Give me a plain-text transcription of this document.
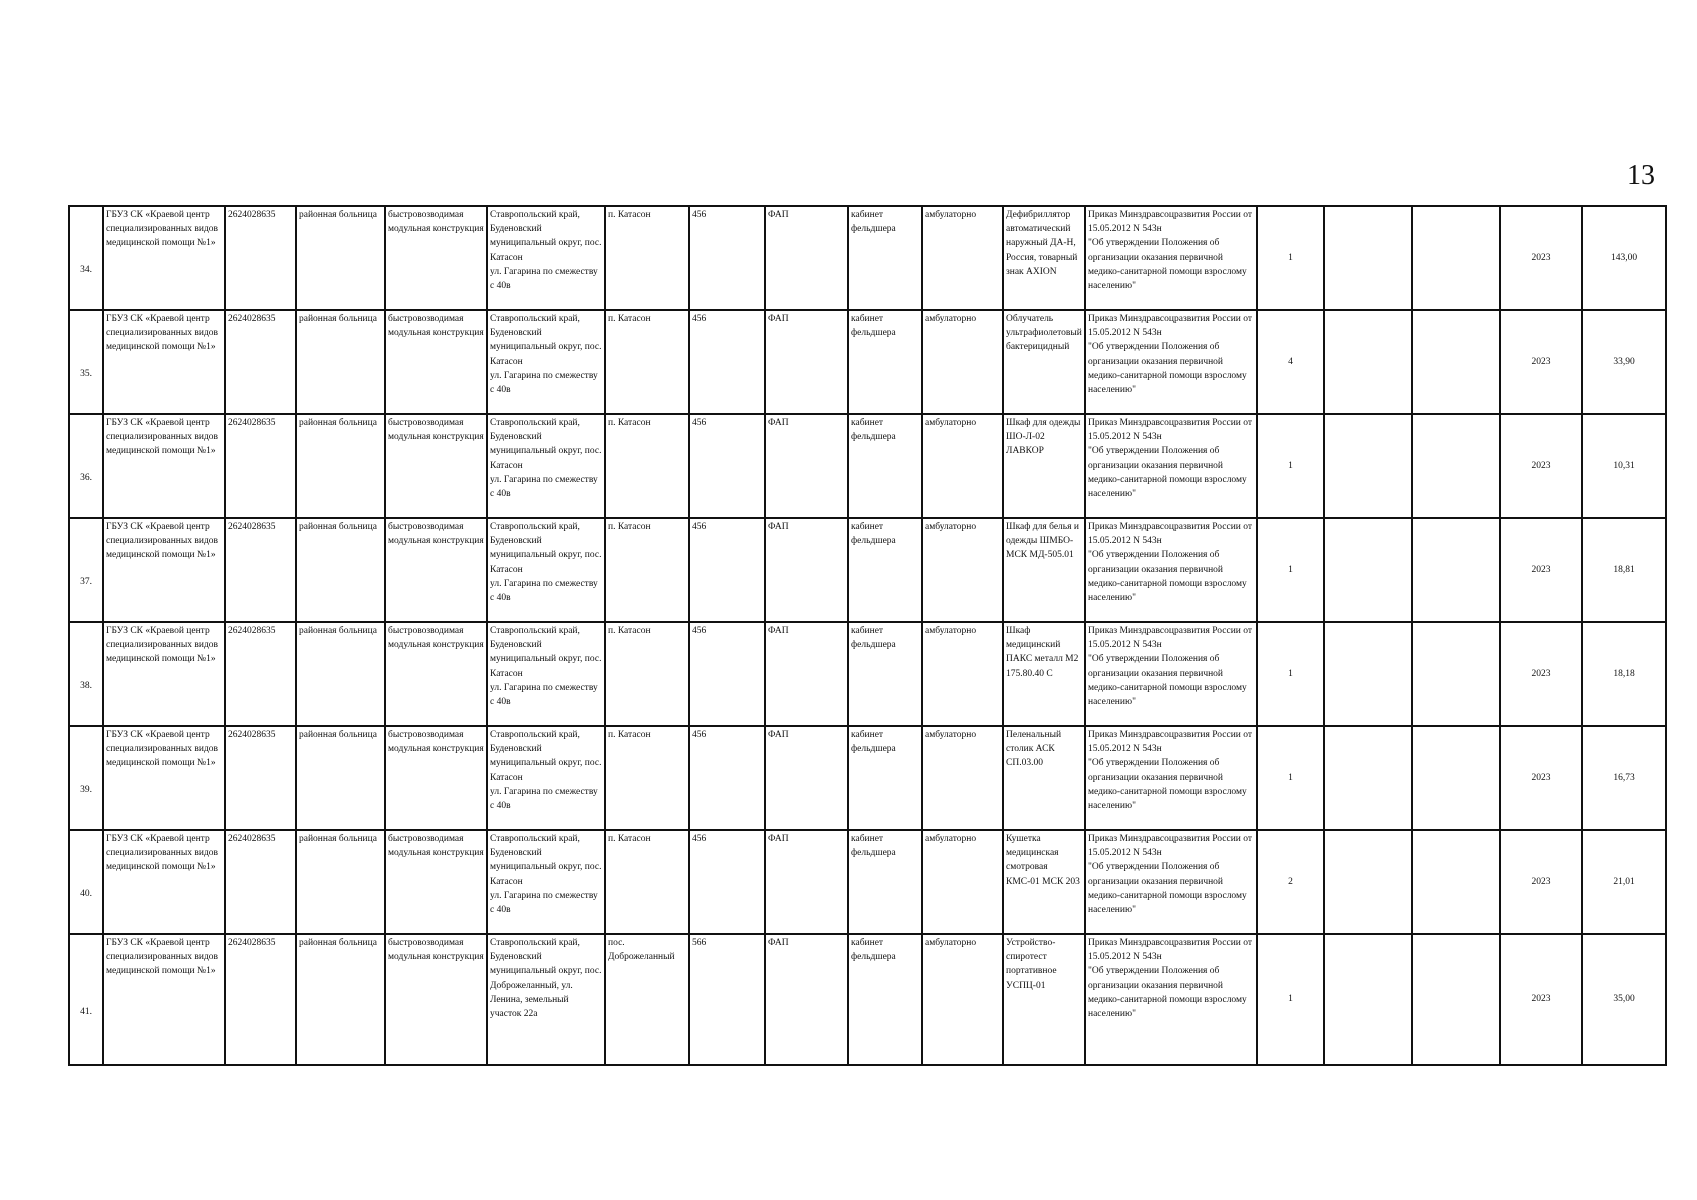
13
34.	ГБУЗ СК «Краевой центр специализированных видов медицинской помощи №1»	2624028635	районная больница	быстровозводимая модульная конструкция	Ставропольский край, Буденовский муниципальный округ, пос. Катасон
ул. Гагарина по смежеству с 40в	п. Катасон	456	ФАП	кабинет фельдшера	амбулаторно	Дефибриллятор автоматический наружный ДА-Н, Россия, товарный знак AXION	Приказ Минздравсоцразвития России от 15.05.2012 N 543н
"Об утверждении Положения об организации оказания первичной медико-санитарной помощи взрослому населению"	1			2023	143,00
35.	ГБУЗ СК «Краевой центр специализированных видов медицинской помощи №1»	2624028635	районная больница	быстровозводимая модульная конструкция	Ставропольский край, Буденовский муниципальный округ, пос. Катасон
ул. Гагарина по смежеству с 40в	п. Катасон	456	ФАП	кабинет фельдшера	амбулаторно	Облучатель ультрафиолетовый бактерицидный	Приказ Минздравсоцразвития России от 15.05.2012 N 543н
"Об утверждении Положения об организации оказания первичной медико-санитарной помощи взрослому населению"	4			2023	33,90
36.	ГБУЗ СК «Краевой центр специализированных видов медицинской помощи №1»	2624028635	районная больница	быстровозводимая модульная конструкция	Ставропольский край, Буденовский муниципальный округ, пос. Катасон
ул. Гагарина по смежеству с 40в	п. Катасон	456	ФАП	кабинет фельдшера	амбулаторно	Шкаф для одежды ШО-Л-02 ЛАВКОР	Приказ Минздравсоцразвития России от 15.05.2012 N 543н
"Об утверждении Положения об организации оказания первичной медико-санитарной помощи взрослому населению"	1			2023	10,31
37.	ГБУЗ СК «Краевой центр специализированных видов медицинской помощи №1»	2624028635	районная больница	быстровозводимая модульная конструкция	Ставропольский край, Буденовский муниципальный округ, пос. Катасон
ул. Гагарина по смежеству с 40в	п. Катасон	456	ФАП	кабинет фельдшера	амбулаторно	Шкаф для белья и одежды ШМБО-МСК МД-505.01	Приказ Минздравсоцразвития России от 15.05.2012 N 543н
"Об утверждении Положения об организации оказания первичной медико-санитарной помощи взрослому населению"	1			2023	18,81
38.	ГБУЗ СК «Краевой центр специализированных видов медицинской помощи №1»	2624028635	районная больница	быстровозводимая модульная конструкция	Ставропольский край, Буденовский муниципальный округ, пос. Катасон
ул. Гагарина по смежеству с 40в	п. Катасон	456	ФАП	кабинет фельдшера	амбулаторно	Шкаф медицинский ПАКС металл М2 175.80.40 С	Приказ Минздравсоцразвития России от 15.05.2012 N 543н
"Об утверждении Положения об организации оказания первичной медико-санитарной помощи взрослому населению"	1			2023	18,18
39.	ГБУЗ СК «Краевой центр специализированных видов медицинской помощи №1»	2624028635	районная больница	быстровозводимая модульная конструкция	Ставропольский край, Буденовский муниципальный округ, пос. Катасон
ул. Гагарина по смежеству с 40в	п. Катасон	456	ФАП	кабинет фельдшера	амбулаторно	Пеленальный столик АСК СП.03.00	Приказ Минздравсоцразвития России от 15.05.2012 N 543н
"Об утверждении Положения об организации оказания первичной медико-санитарной помощи взрослому населению"	1			2023	16,73
40.	ГБУЗ СК «Краевой центр специализированных видов медицинской помощи №1»	2624028635	районная больница	быстровозводимая модульная конструкция	Ставропольский край, Буденовский муниципальный округ, пос. Катасон
ул. Гагарина по смежеству с 40в	п. Катасон	456	ФАП	кабинет фельдшера	амбулаторно	Кушетка медицинская смотровая КМС-01 МСК 203	Приказ Минздравсоцразвития России от 15.05.2012 N 543н
"Об утверждении Положения об организации оказания первичной медико-санитарной помощи взрослому населению"	2			2023	21,01
41.	ГБУЗ СК «Краевой центр специализированных видов медицинской помощи №1»	2624028635	районная больница	быстровозводимая модульная конструкция	Ставропольский край, Буденовский муниципальный округ, пос. Доброжеланный, ул. Ленина, земельный участок 22а	пос. Доброжеланный	566	ФАП	кабинет фельдшера	амбулаторно	Устройство-спиротест портативное УСПЦ-01	Приказ Минздравсоцразвития России от 15.05.2012 N 543н
"Об утверждении Положения об организации оказания первичной медико-санитарной помощи взрослому населению"	1			2023	35,00
